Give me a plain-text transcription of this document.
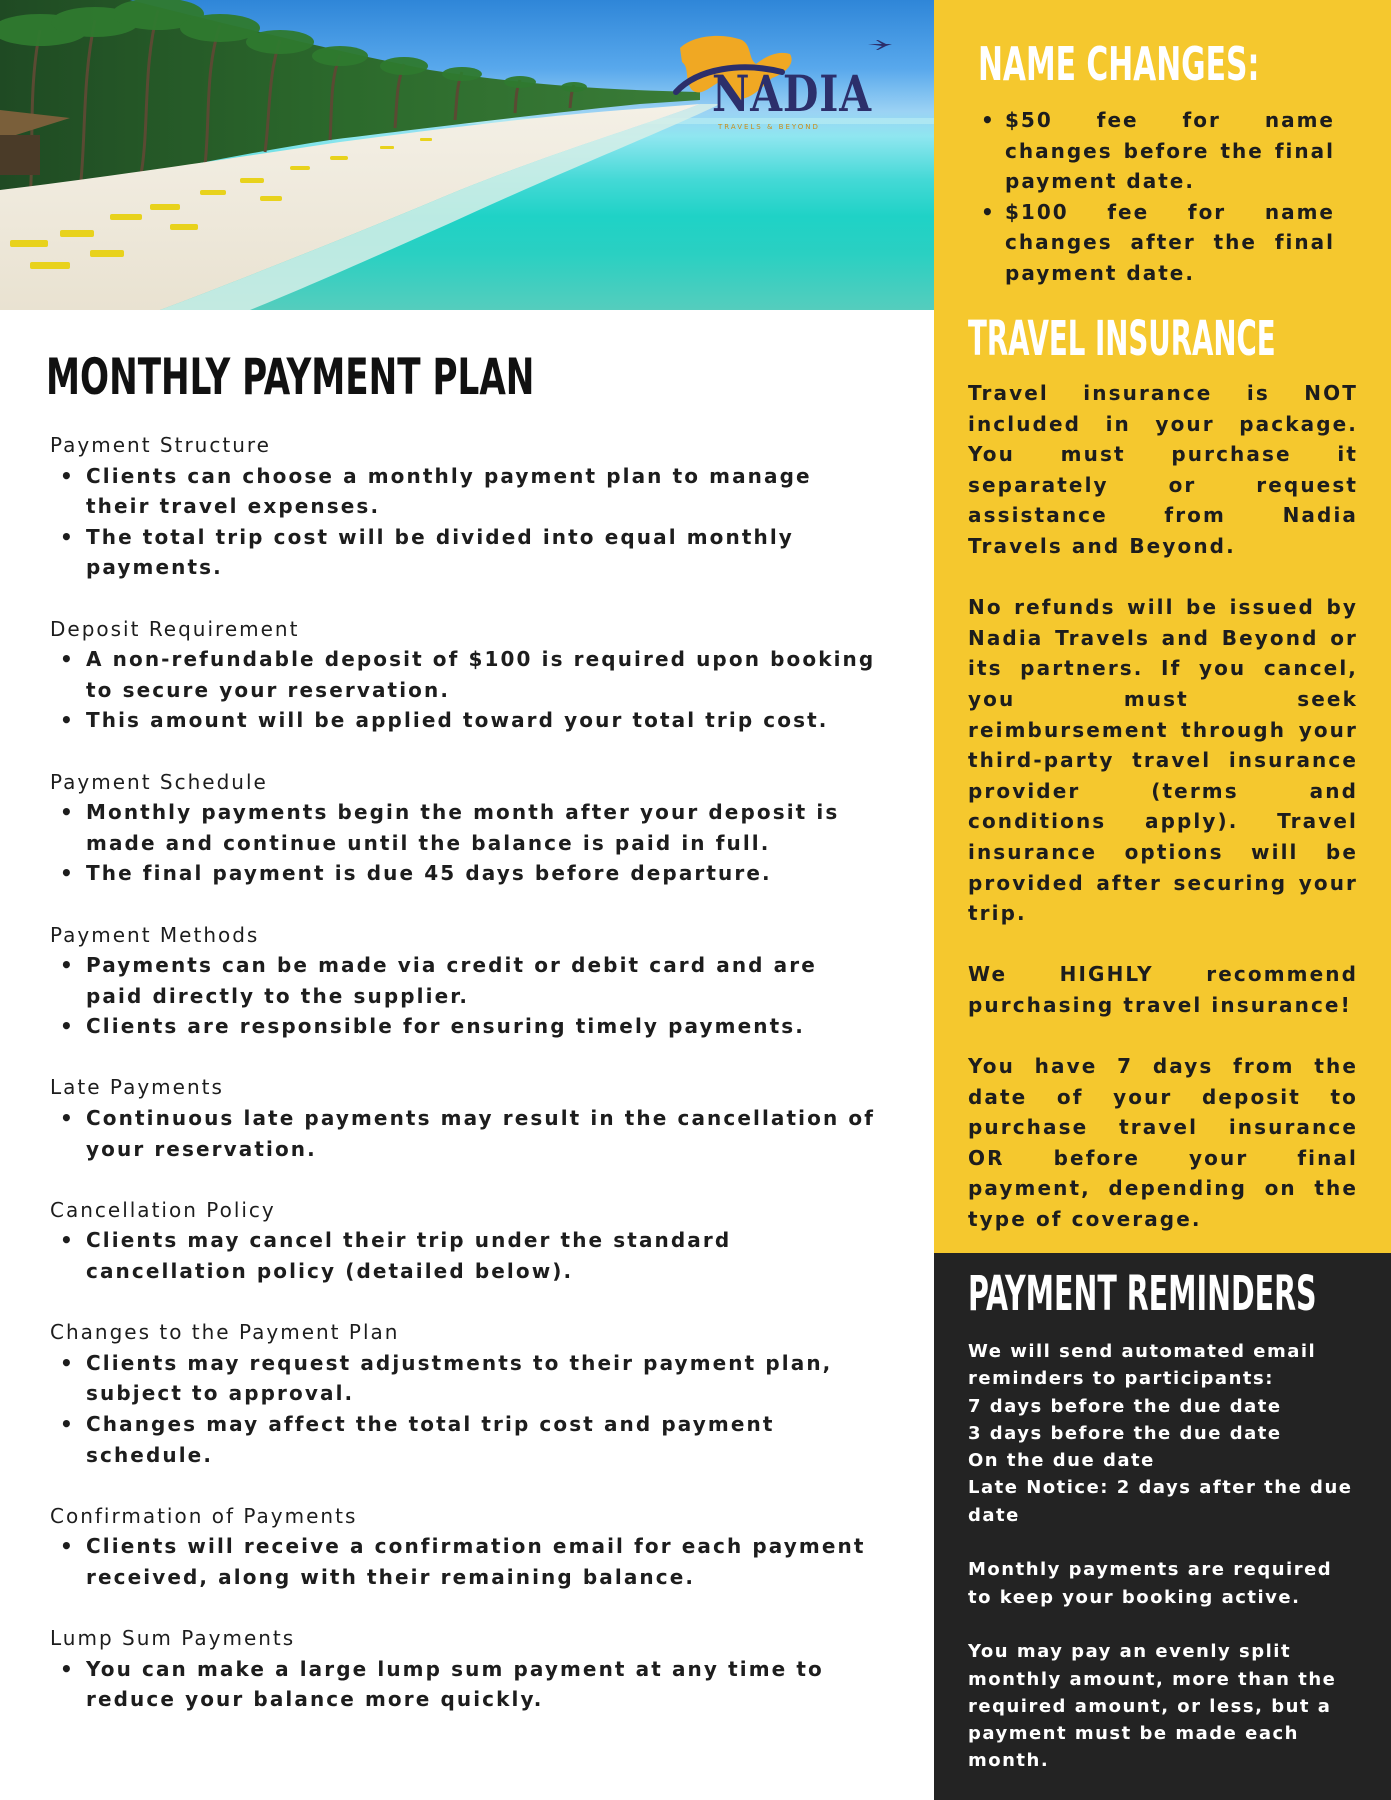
NADIA
TRAVELS & BEYOND
MONTHLY PAYMENT PLAN
Payment Structure
• Clients can choose a monthly payment plan to manage their travel expenses.
• The total trip cost will be divided into equal monthly payments.
Deposit Requirement
• A non-refundable deposit of $100 is required upon booking to secure your reservation.
• This amount will be applied toward your total trip cost.
Payment Schedule
• Monthly payments begin the month after your deposit is made and continue until the balance is paid in full.
• The final payment is due 45 days before departure.
Payment Methods
• Payments can be made via credit or debit card and are paid directly to the supplier.
• Clients are responsible for ensuring timely payments.
Late Payments
• Continuous late payments may result in the cancellation of your reservation.
Cancellation Policy
• Clients may cancel their trip under the standard cancellation policy (detailed below).
Changes to the Payment Plan
• Clients may request adjustments to their payment plan, subject to approval.
• Changes may affect the total trip cost and payment schedule.
Confirmation of Payments
• Clients will receive a confirmation email for each payment received, along with their remaining balance.
Lump Sum Payments
• You can make a large lump sum payment at any time to reduce your balance more quickly.
NAME CHANGES:
• $50 fee for name changes before the final payment date.
• $100 fee for name changes after the final payment date.
TRAVEL INSURANCE

Travel insurance is NOT included in your package. You must purchase it separately or request assistance from Nadia Travels and Beyond.

No refunds will be issued by Nadia Travels and Beyond or its partners. If you cancel, you must seek reimbursement through your third-party travel insurance provider (terms and conditions apply). Travel insurance options will be provided after securing your trip.

We HIGHLY recommend purchasing travel insurance!

You have 7 days from the date of your deposit to purchase travel insurance OR before your final payment, depending on the type of coverage.

PAYMENT REMINDERS

We will send automated email reminders to participants:

7 days before the due date

3 days before the due date

On the due date

Late Notice: 2 days after the due date

Monthly payments are required to keep your booking active.

You may pay an evenly split monthly amount, more than the required amount, or less, but a payment must be made each month.
